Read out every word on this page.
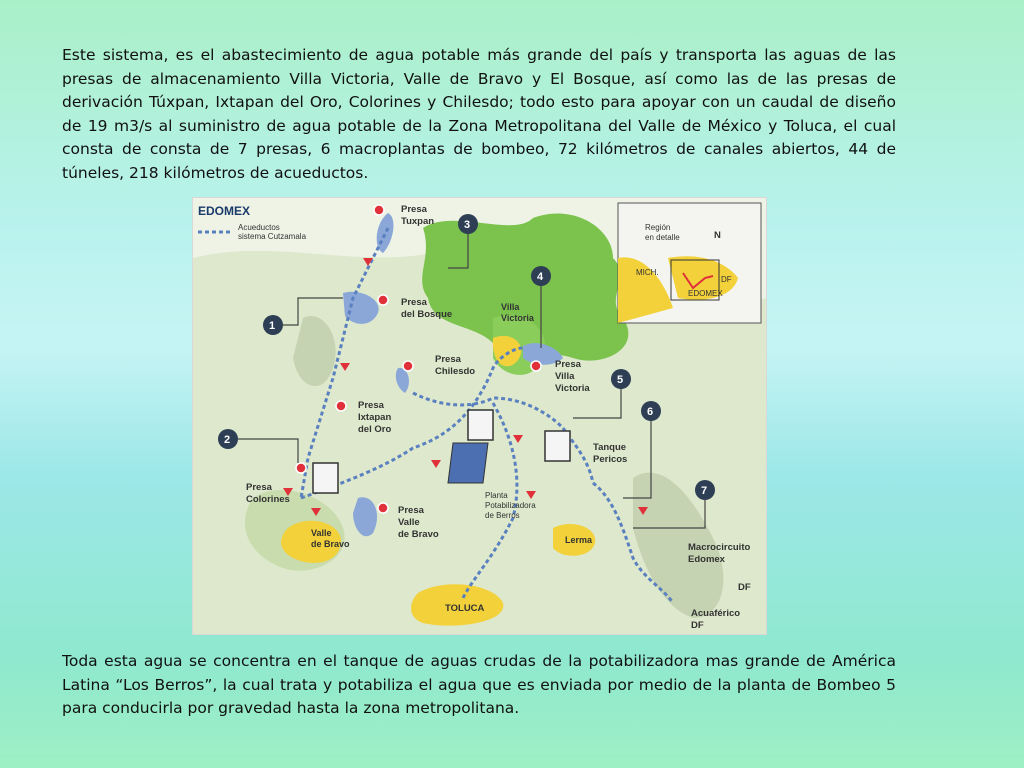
Este sistema, es el abastecimiento de agua potable más grande del país y transporta las aguas de las presas de almacenamiento Villa Victoria, Valle de Bravo y El Bosque, así como las de las presas de derivación Túxpan, Ixtapan del Oro, Colorines y Chilesdo; todo esto para apoyar con un caudal de diseño de 19 m3/s al suministro de agua potable de la Zona Metropolitana del Valle de México y Toluca, el cual consta de consta de 7 presas, 6 macroplantas de bombeo, 72 kilómetros de canales abiertos, 44 de túneles, 218 kilómetros de acueductos.

EDOMEX
Acueductos
sistema Cutzamala
Región
en detalle	N
MICH.
DF
EDOMEX
Presa Tuxpan
Presa del Bosque
Villa Victoria
Presa Chilesdo
Presa Villa Victoria
Presa Ixtapan del Oro
Presa Colorines
Presa Valle de Bravo
Tanque Pericos
Planta Potabilizadora de Berros
Valle de Bravo	Lerma
TOLUCA
Macrocircuito Edomex
DF
Acuaférico DF
1
2
3
4
5
6
7

Toda esta agua se concentra en el tanque de aguas crudas de la potabilizadora mas grande de América Latina “Los Berros”, la cual trata y potabiliza el agua que es enviada por medio de la planta de Bombeo 5 para conducirla por gravedad hasta la zona metropolitana.
